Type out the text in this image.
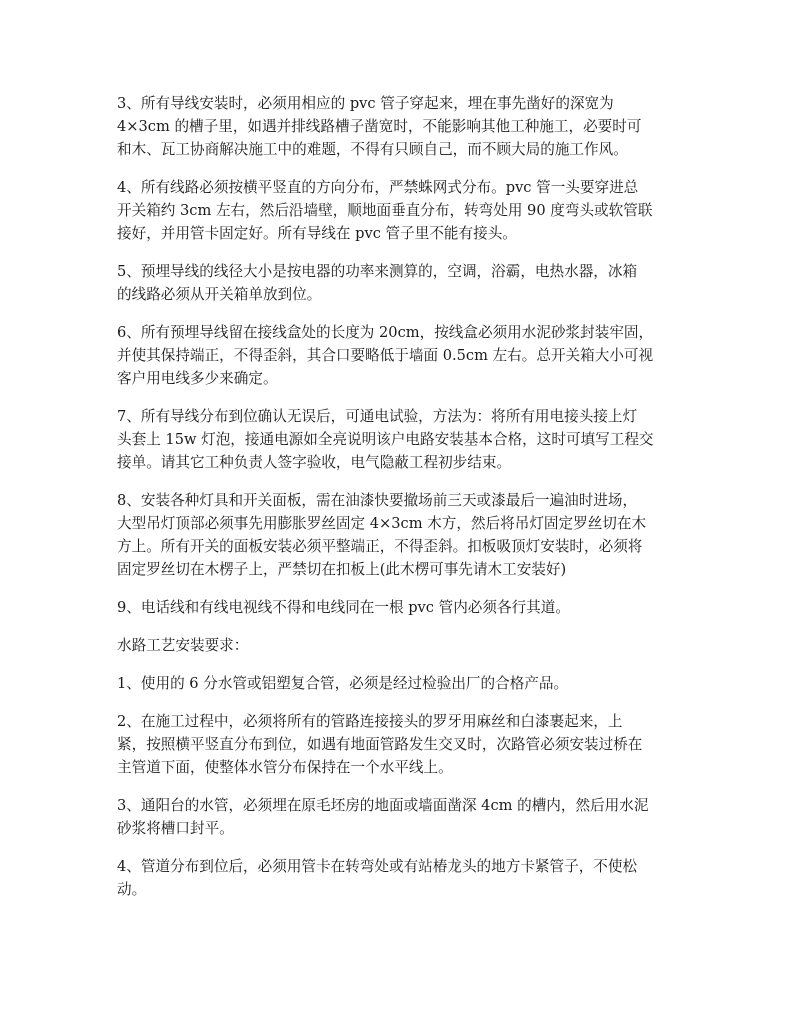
3、所有导线安装时，必须用相应的 pvc 管子穿起来，埋在事先凿好的深宽为
4×3cm 的槽子里，如遇并排线路槽子凿宽时，不能影响其他工种施工，必要时可
和木、瓦工协商解决施工中的难题，不得有只顾自己，而不顾大局的施工作风。

4、所有线路必须按横平竖直的方向分布，严禁蛛网式分布。pvc 管一头要穿进总
开关箱约 3cm 左右，然后沿墙壁，顺地面垂直分布，转弯处用 90 度弯头或软管联
接好，并用管卡固定好。所有导线在 pvc 管子里不能有接头。

5、预埋导线的线径大小是按电器的功率来测算的，空调，浴霸，电热水器，冰箱
的线路必须从开关箱单放到位。

6、所有预埋导线留在接线盒处的长度为 20cm，按线盒必须用水泥砂浆封装牢固，
并使其保持端正，不得歪斜，其合口要略低于墙面 0.5cm 左右。总开关箱大小可视
客户用电线多少来确定。

7、所有导线分布到位确认无误后，可通电试验，方法为：将所有用电接头接上灯
头套上 15w 灯泡，接通电源如全亮说明该户电路安装基本合格，这时可填写工程交
接单。请其它工种负责人签字验收，电气隐蔽工程初步结束。

8、安装各种灯具和开关面板，需在油漆快要撤场前三天或漆最后一遍油时进场，
大型吊灯顶部必须事先用膨胀罗丝固定 4×3cm 木方，然后将吊灯固定罗丝切在木
方上。所有开关的面板安装必须平整端正，不得歪斜。扣板吸顶灯安装时，必须将
固定罗丝切在木楞子上，严禁切在扣板上(此木楞可事先请木工安装好)

9、电话线和有线电视线不得和电线同在一根 pvc 管内必须各行其道。

水路工艺安装要求：

1、使用的 6 分水管或铝塑复合管，必须是经过检验出厂的合格产品。

2、在施工过程中，必须将所有的管路连接接头的罗牙用麻丝和白漆裹起来，上
紧，按照横平竖直分布到位，如遇有地面管路发生交叉时，次路管必须安装过桥在
主管道下面，使整体水管分布保持在一个水平线上。

3、通阳台的水管，必须埋在原毛坯房的地面或墙面凿深 4cm 的槽内，然后用水泥
砂浆将槽口封平。

4、管道分布到位后，必须用管卡在转弯处或有站椿龙头的地方卡紧管子，不使松
动。
